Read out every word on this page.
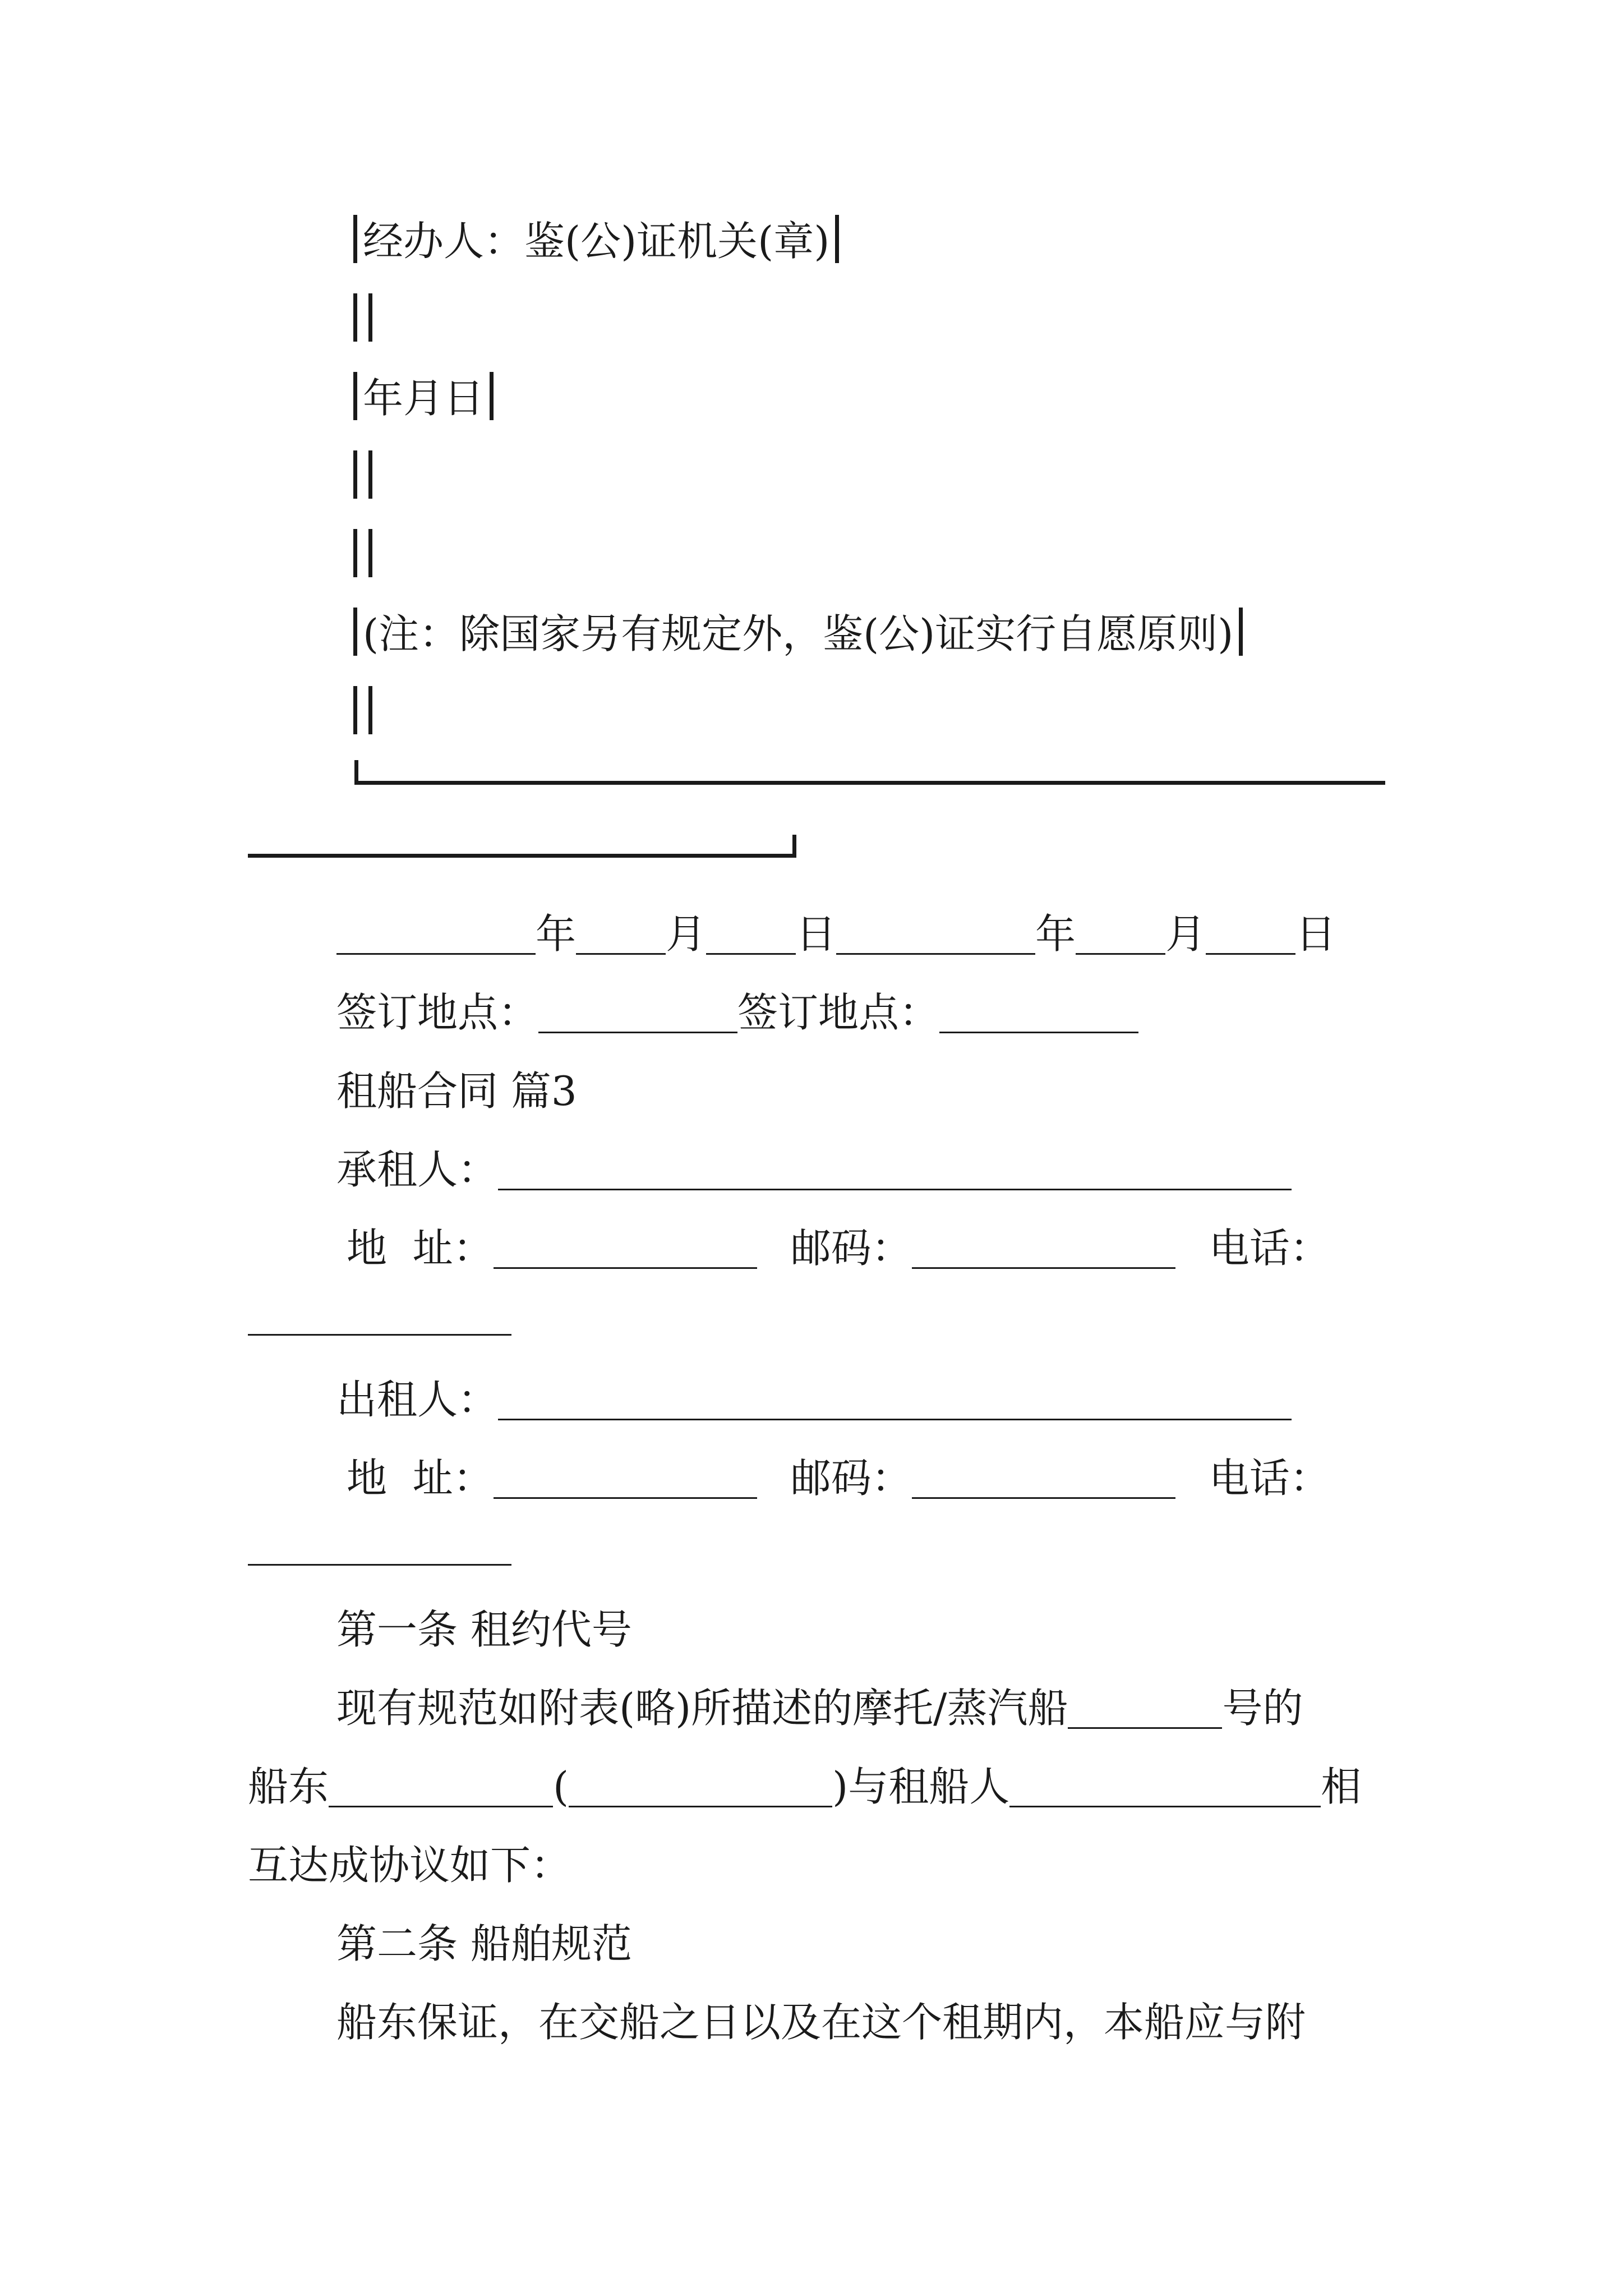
经办人：鉴(公)证机关(章)
年月日
(注：除国家另有规定外，鉴(公)证实行自愿原则)
年 月 日	年 月 日
签订地点：	签订地点：
租船合同 篇3
承租人：
地  址：	邮码：	电话：
出租人：
地  址：	邮码：	电话：
第一条 租约代号
现有规范如附表(略)所描述的摩托/蒸汽船	号的
船东	(	)与租船人	相
互达成协议如下：
第二条 船舶规范
船东保证，在交船之日以及在这个租期内，本船应与附
